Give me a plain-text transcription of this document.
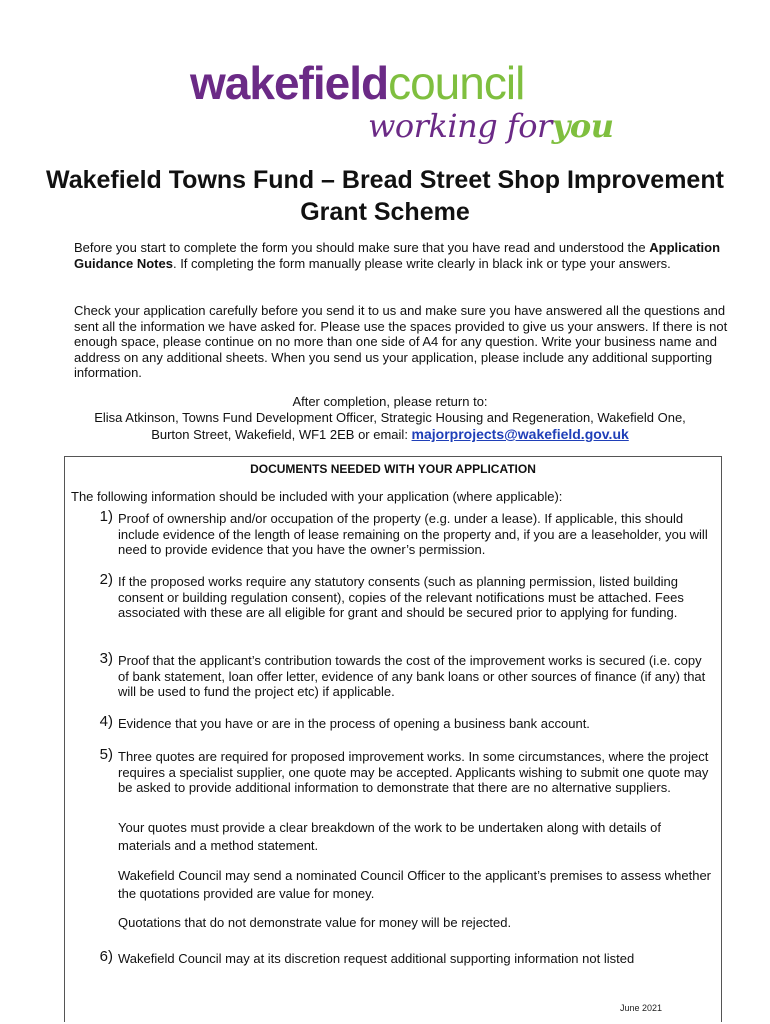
wakefieldcouncil
working foryou
Wakefield Towns Fund – Bread Street Shop Improvement Grant Scheme

Before you start to complete the form you should make sure that you have read and understood the Application Guidance Notes. If completing the form manually please write clearly in black ink or type your answers.

Check your application carefully before you send it to us and make sure you have answered all the questions and sent all the information we have asked for. Please use the spaces provided to give us your answers. If there is not enough space, please continue on no more than one side of A4 for any question. Write your business name and address on any additional sheets. When you send us your application, please include any additional supporting information.

After completion, please return to:
Elisa Atkinson, Towns Fund Development Officer, Strategic Housing and Regeneration, Wakefield One,
Burton Street, Wakefield, WF1 2EB or email: majorprojects@wakefield.gov.uk
DOCUMENTS NEEDED WITH YOUR APPLICATION
The following information should be included with your application (where applicable):
1) Proof of ownership and/or occupation of the property (e.g. under a lease). If applicable, this should include evidence of the length of lease remaining on the property and, if you are a leaseholder, you will need to provide evidence that you have the owner’s permission.

2) If the proposed works require any statutory consents (such as planning permission, listed building consent or building regulation consent), copies of the relevant notifications must be attached. Fees associated with these are all eligible for grant and should be secured prior to applying for funding.

3) Proof that the applicant’s contribution towards the cost of the improvement works is secured (i.e. copy of bank statement, loan offer letter, evidence of any bank loans or other sources of finance (if any) that will be used to fund the project etc) if applicable.

4) Evidence that you have or are in the process of opening a business bank account.

5) Three quotes are required for proposed improvement works. In some circumstances, where the project requires a specialist supplier, one quote may be accepted. Applicants wishing to submit one quote may be asked to provide additional information to demonstrate that there are no alternative suppliers.

Your quotes must provide a clear breakdown of the work to be undertaken along with details of materials and a method statement.

Wakefield Council may send a nominated Council Officer to the applicant’s premises to assess whether the quotations provided are value for money.

Quotations that do not demonstrate value for money will be rejected.

6) Wakefield Council may at its discretion request additional supporting information not listed

June 2021
